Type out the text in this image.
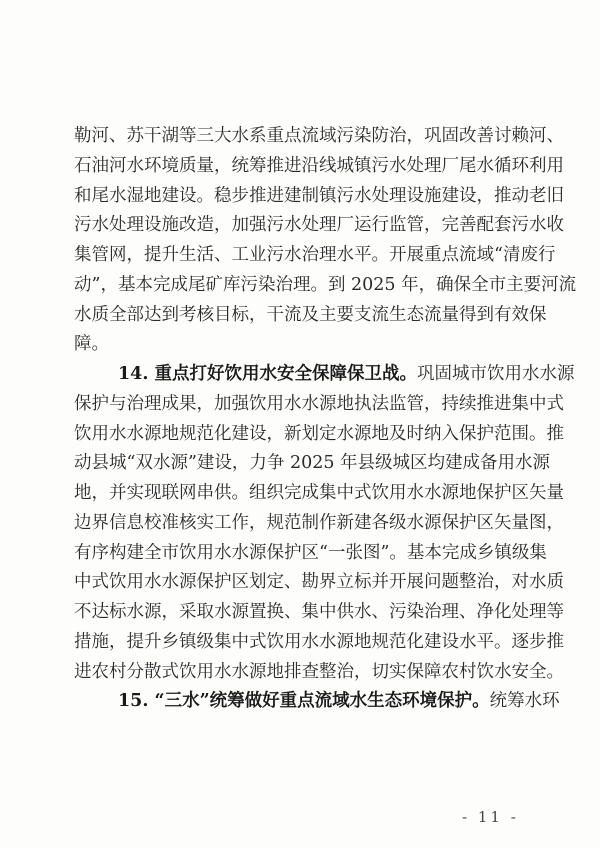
勒河、苏干湖等三大水系重点流域污染防治，巩固改善讨赖河、
石油河水环境质量，统筹推进沿线城镇污水处理厂尾水循环利用
和尾水湿地建设。稳步推进建制镇污水处理设施建设，推动老旧
污水处理设施改造，加强污水处理厂运行监管，完善配套污水收
集管网，提升生活、工业污水治理水平。开展重点流域“清废行
动”，基本完成尾矿库污染治理。到 2025 年，确保全市主要河流
水质全部达到考核目标，干流及主要支流生态流量得到有效保
障。
14. 重点打好饮用水安全保障保卫战。巩固城市饮用水水源
保护与治理成果，加强饮用水水源地执法监管，持续推进集中式
饮用水水源地规范化建设，新划定水源地及时纳入保护范围。推
动县城“双水源”建设，力争 2025 年县级城区均建成备用水源
地，并实现联网串供。组织完成集中式饮用水水源地保护区矢量
边界信息校准核实工作，规范制作新建各级水源保护区矢量图，
有序构建全市饮用水水源保护区“一张图”。基本完成乡镇级集
中式饮用水水源保护区划定、勘界立标并开展问题整治，对水质
不达标水源，采取水源置换、集中供水、污染治理、净化处理等
措施，提升乡镇级集中式饮用水水源地规范化建设水平。逐步推
进农村分散式饮用水水源地排查整治，切实保障农村饮水安全。
15. “三水”统筹做好重点流域水生态环境保护。统筹水环
- 11 -
